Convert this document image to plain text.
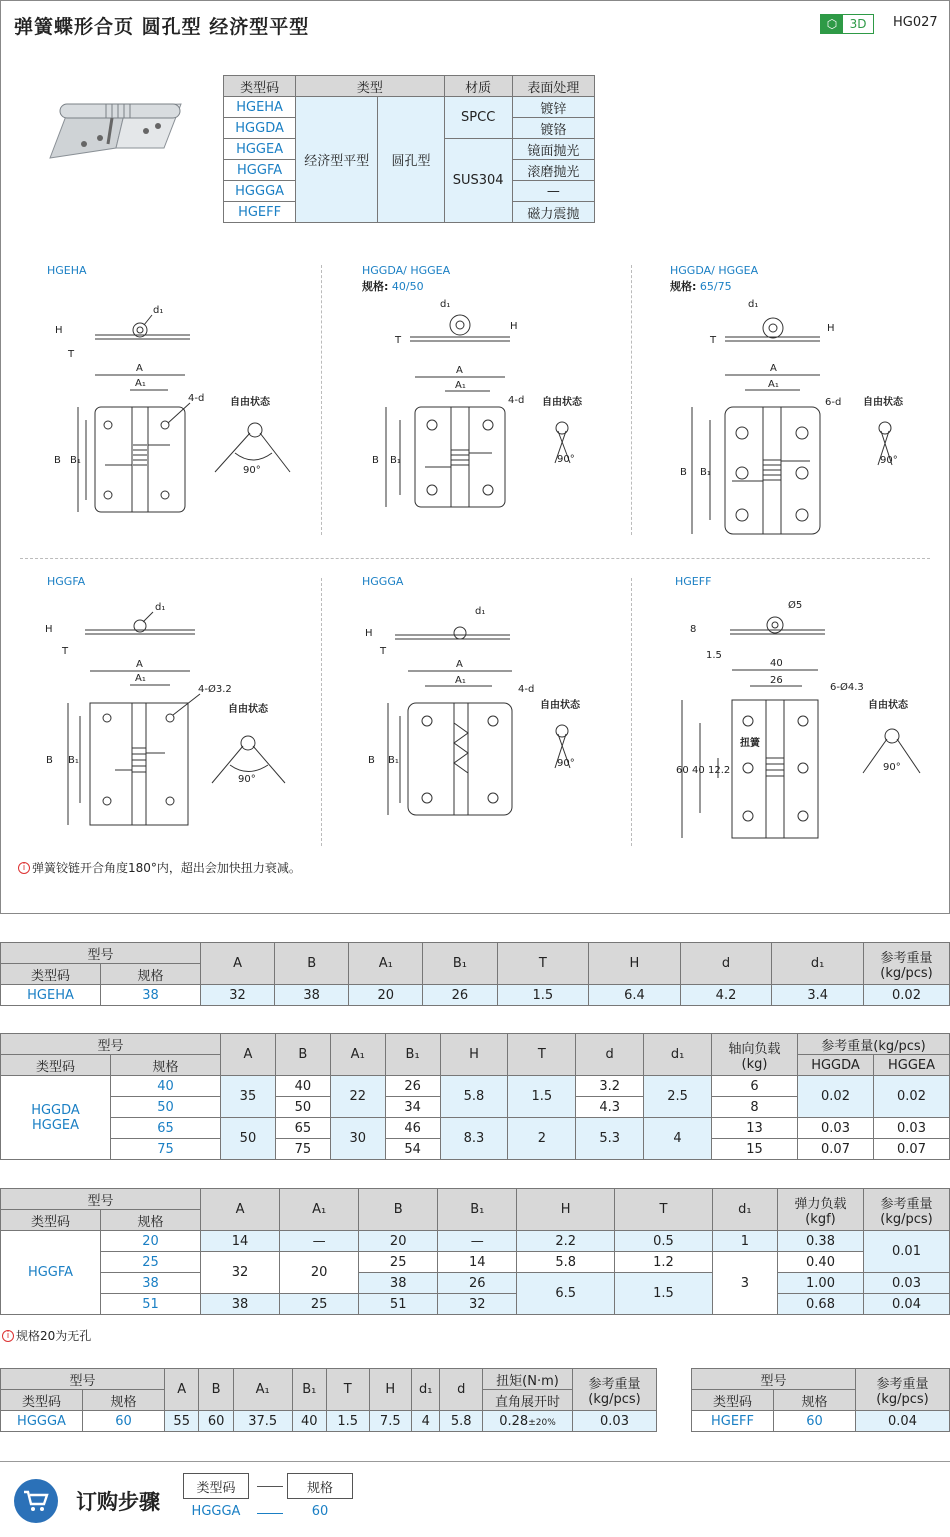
弹簧蝶形合页 圆孔型 经济型平型	⬡	3D	HG027
类型码	类型		材质	表面处理
HGEHA	经济型平型	圆孔型	SPCC	镀锌
HGGDA				镀铬
HGGEA			SUS304	镜面抛光
HGGFA				滚磨抛光
HGGGA				—
HGEFF				磁力震抛
HGEHA	HGGDA/ HGGEA
规格: 40/50
HGGDA/ HGGEA
规格: 65/75
HGGFA	HGGGA	HGEFF
d₁
H
T
A
A₁
B B₁
4-d	自由状态
90°
d₁
H
T
A
A₁
B B₁
4-d 自由状态
90°
d₁
H
T
A
A₁
B B₁
6-d 自由状态
90°
d₁
H
T
A
A₁
B B₁
4-Ø3.2
自由状态
90°
d₁
H
T
A
A₁
B B₁
4-d
自由状态
90°
Ø5
8
1.5
40
26
扭簧
60 40 12.2
6-Ø4.3
自由状态
90°
i 弹簧铰链开合角度180°内，超出会加快扭力衰减。
型号		A	B	A₁	B₁	T	H	d	d₁	参考重量
(kg/pcs)
类型码	规格									
HGEHA	38	32	38	20	26	1.5	6.4	4.2	3.4	0.02
型号		A	B	A₁	B₁	H	T	d	d₁	轴向负载
(kg)	参考重量(kg/pcs)	
类型码	规格										HGGDA	HGGEA

HGGDA
HGGEA	40	35	40	22	26	5.8	1.5	3.2	2.5	6	0.02	0.02
	50		50		34			4.3		8		
	65	50	65	30	46	8.3	2	5.3	4	13	0.03	0.03
	75		75		54					15	0.07	0.07
型号		A	A₁	B	B₁	H	T	d₁	弹力负载
(kgf)	参考重量
(kg/pcs)
类型码	规格									
HGGFA	20	14	—	20	—	2.2	0.5	1	0.38	0.01
	25	32	20	25	14	5.8	1.2	3	0.40	
	38			38	26	6.5	1.5		1.00	0.03
	51	38	25	51	32				0.68	0.04
i 规格20为无孔
型号		A	B	A₁	B₁	T	H	d₁	d	扭矩(N·m)	参考重量
(kg/pcs)
类型码	规格									直角展开时	
HGGGA	60	55	60	37.5	40	1.5	7.5	4	5.8	0.28±20%	0.03
型号		参考重量
(kg/pcs)
类型码	规格	
HGEFF	60	0.04
订购步骤
类型码	规格
HGGGA	60
